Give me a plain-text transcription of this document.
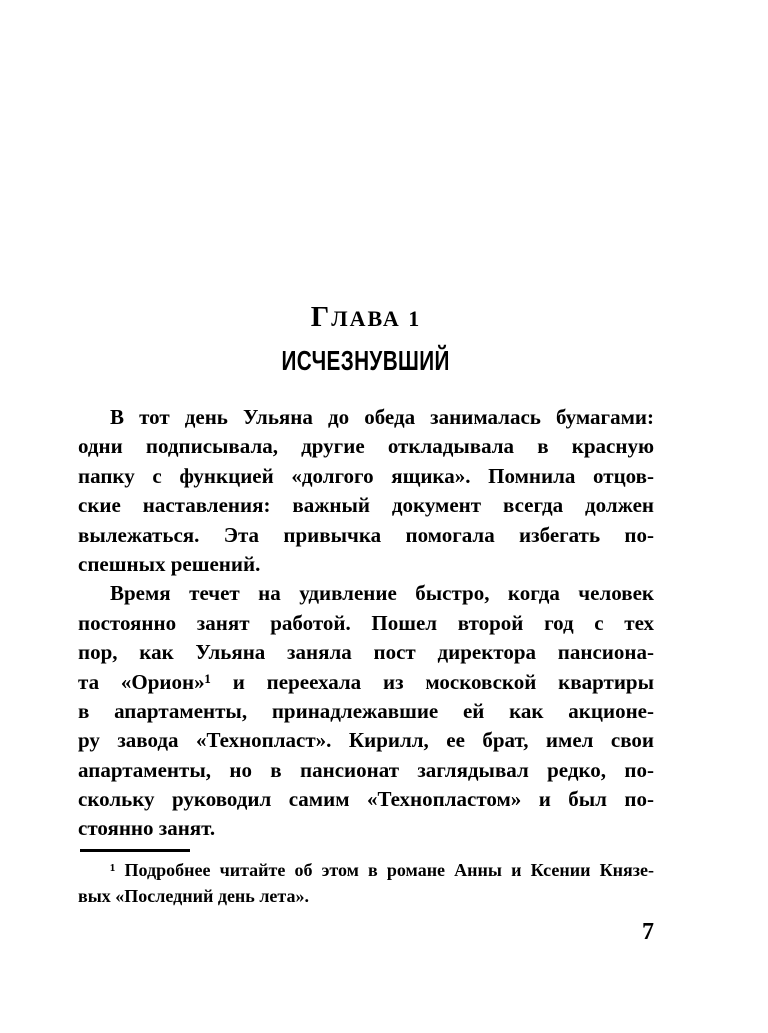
ГЛАВА 1
ИСЧЕЗНУВШИЙ
В тот день Ульяна до обеда занималась бумагами:
одни подписывала, другие откладывала в красную
папку с функцией «долгого ящика». Помнила отцов-
ские наставления: важный документ всегда должен
вылежаться. Эта привычка помогала избегать по-
спешных решений.
Время течет на удивление быстро, когда человек
постоянно занят работой. Пошел второй год с тех
пор, как Ульяна заняла пост директора пансиона-
та «Орион»¹ и переехала из московской квартиры
в апартаменты, принадлежавшие ей как акционе-
ру завода «Технопласт». Кирилл, ее брат, имел свои
апартаменты, но в пансионат заглядывал редко, по-
скольку руководил самим «Технопластом» и был по-
стоянно занят.
¹ Подробнее читайте об этом в романе Анны и Ксении Князе-
вых «Последний день лета».
7
